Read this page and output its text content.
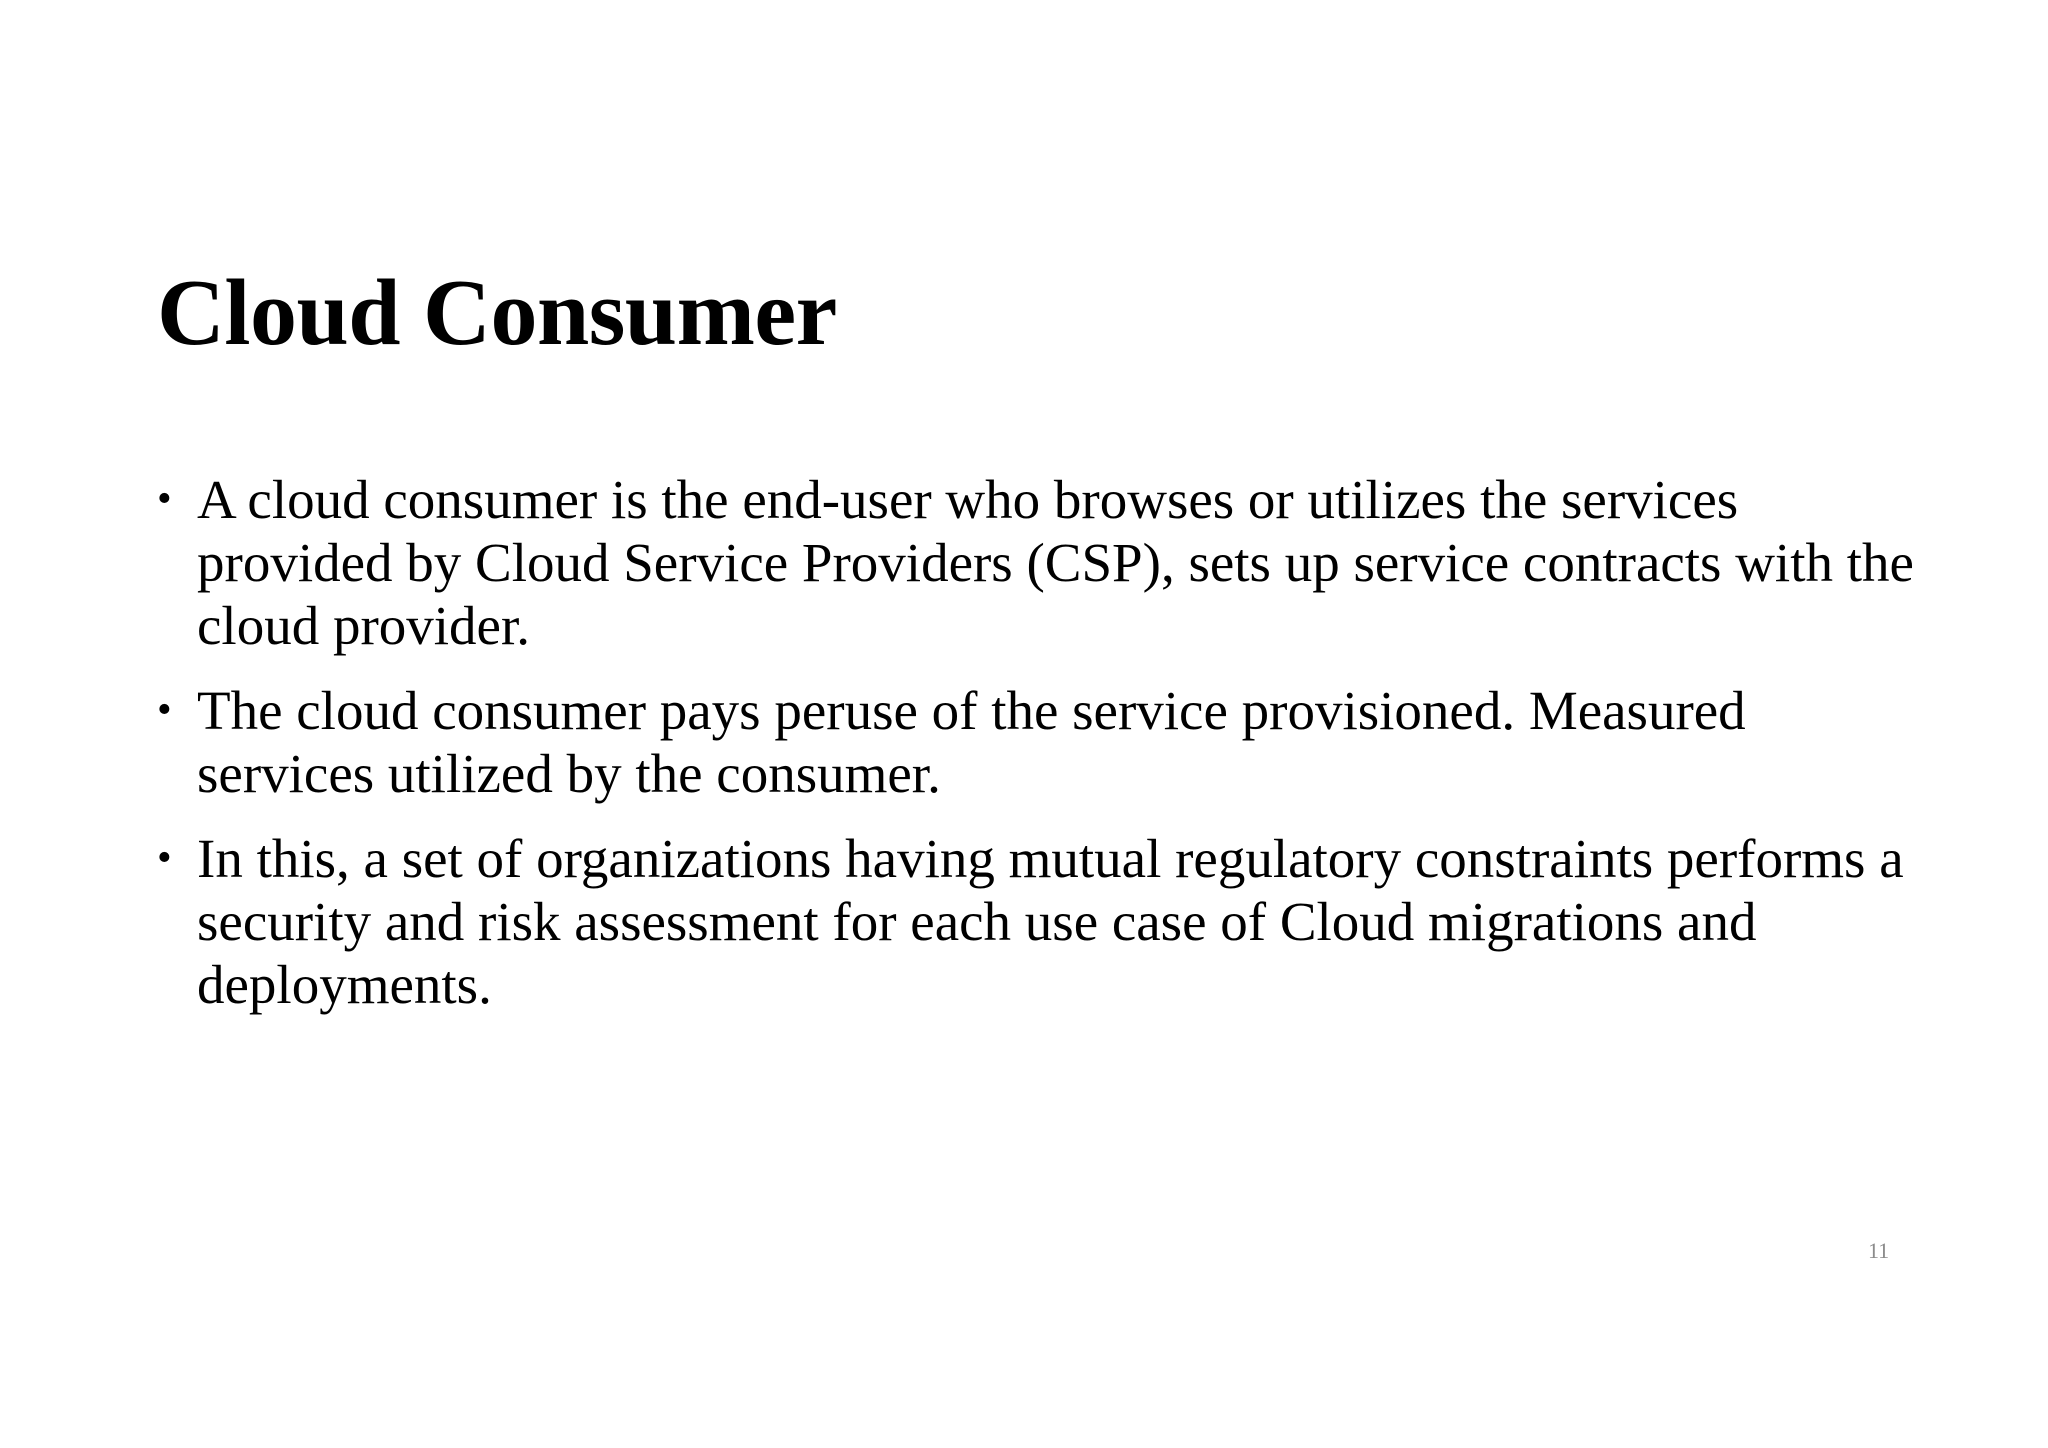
Cloud Consumer
• A cloud consumer is the end-user who browses or utilizes the services provided by Cloud Service Providers (CSP), sets up service contracts with the cloud provider.
• The cloud consumer pays peruse of the service provisioned. Measured services utilized by the consumer.
• In this, a set of organizations having mutual regulatory constraints performs a security and risk assessment for each use case of Cloud migrations and deployments.
11
